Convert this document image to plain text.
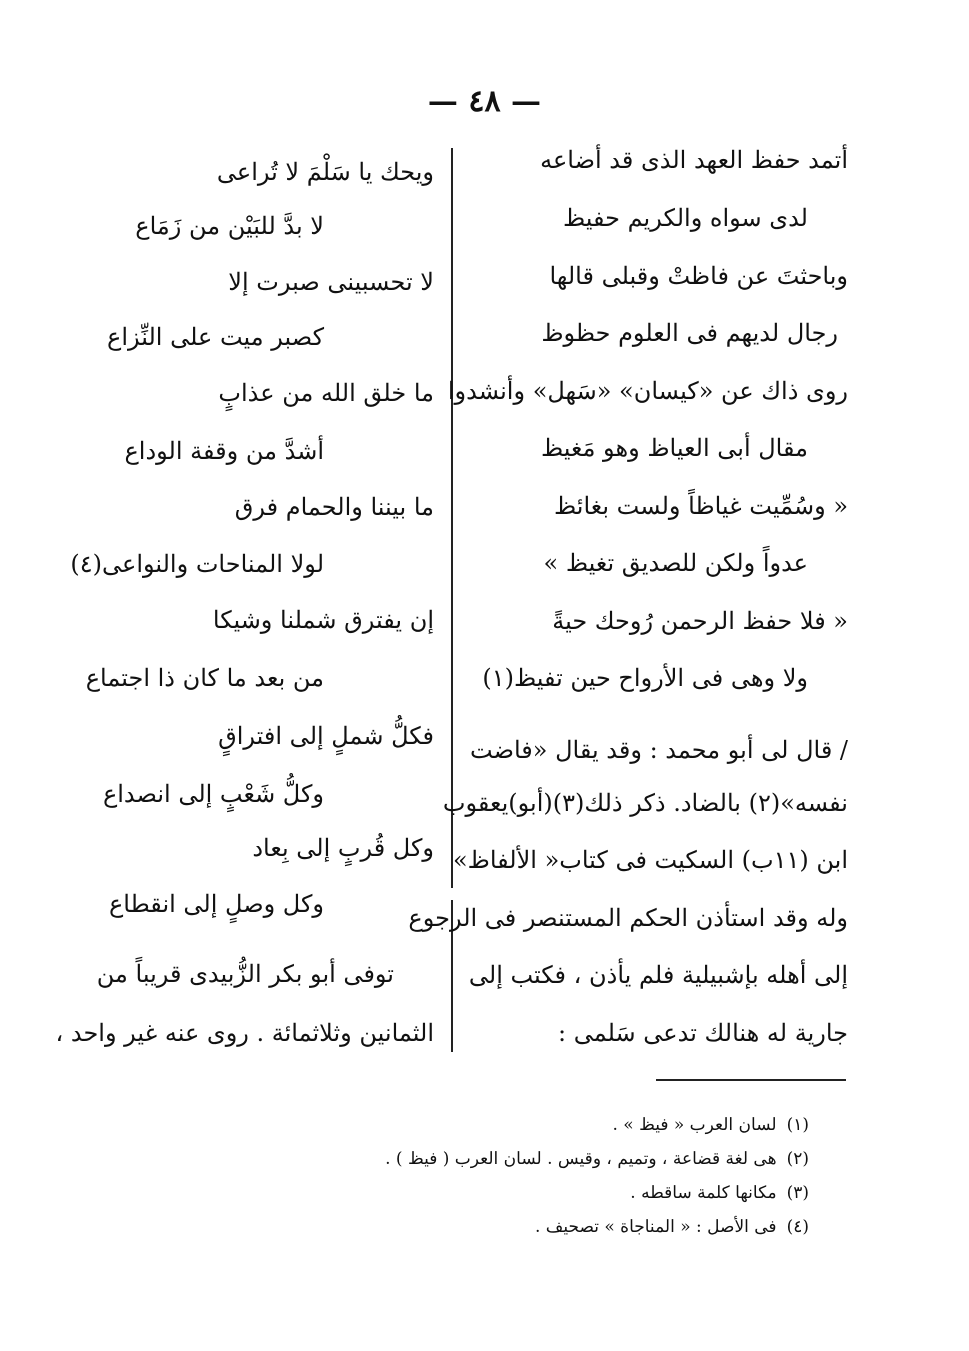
— ٤٨ —
أتمد حفظ العهد الذى قد أضاعه
لدى سواه والكريم حفيظ
وباحثتَ عن فاظتْ وقبلى قالها
رجال لديهم فى العلوم حظوظ
روى ذاك عن «كيسان» «سَهل» وأنشدوا
مقال أبى العياظ وهو مَغيظ
« وسُمِّيت غياظاً ولست بغائظ
عدواً ولكن للصديق تغيظ »
« فلا حفظ الرحمن رُوحك حيةً
ولا وهى فى الأرواح حين تفيظ(١)
/ قال لى أبو محمد : وقد يقال «فاضت
نفسه»(٢) بالضاد. ذكر ذلك(٣)(أبو)يعقوب
ابن (١١ب) السكيت فى كتاب« الألفاظ»
وله وقد استأذن الحكم المستنصر فى الرجوع
إلى أهله بإشبيلية فلم يأذن ، فكتب إلى
جارية له هنالك تدعى سَلمى :
ويحك يا سَلْمَ لا تُراعى
لا بدَّ للبَيْن من زَمَاع
لا تحسبينى صبرت إلا
كصبر ميت على النِّزاع
ما خلق الله من عذابٍ
أشدَّ من وقفة الوداع
ما بيننا والحمام فرق
لولا المناحات والنواعى(٤)
إن يفترق شملنا وشيكا
من بعد ما كان ذا اجتماع
فكلُّ شملٍ إلى افتراقٍ
وكلُّ شَعْبٍ إلى انصداع
وكل قُربٍ إلى بِعاد
وكل وصلٍ إلى انقطاع
توفى أبو بكر الزُّبيدى قريباً من
الثمانين وثلاثمائة . روى عنه غير واحد ،
(١)لسان العرب « فيظ » .
(٢)هى لغة قضاعة ، وتميم ، وقيس . لسان العرب ( فيظ ) .
(٣)مكانها كلمة ساقطه .
(٤)فى الأصل : « المناجاة » تصحيف .
